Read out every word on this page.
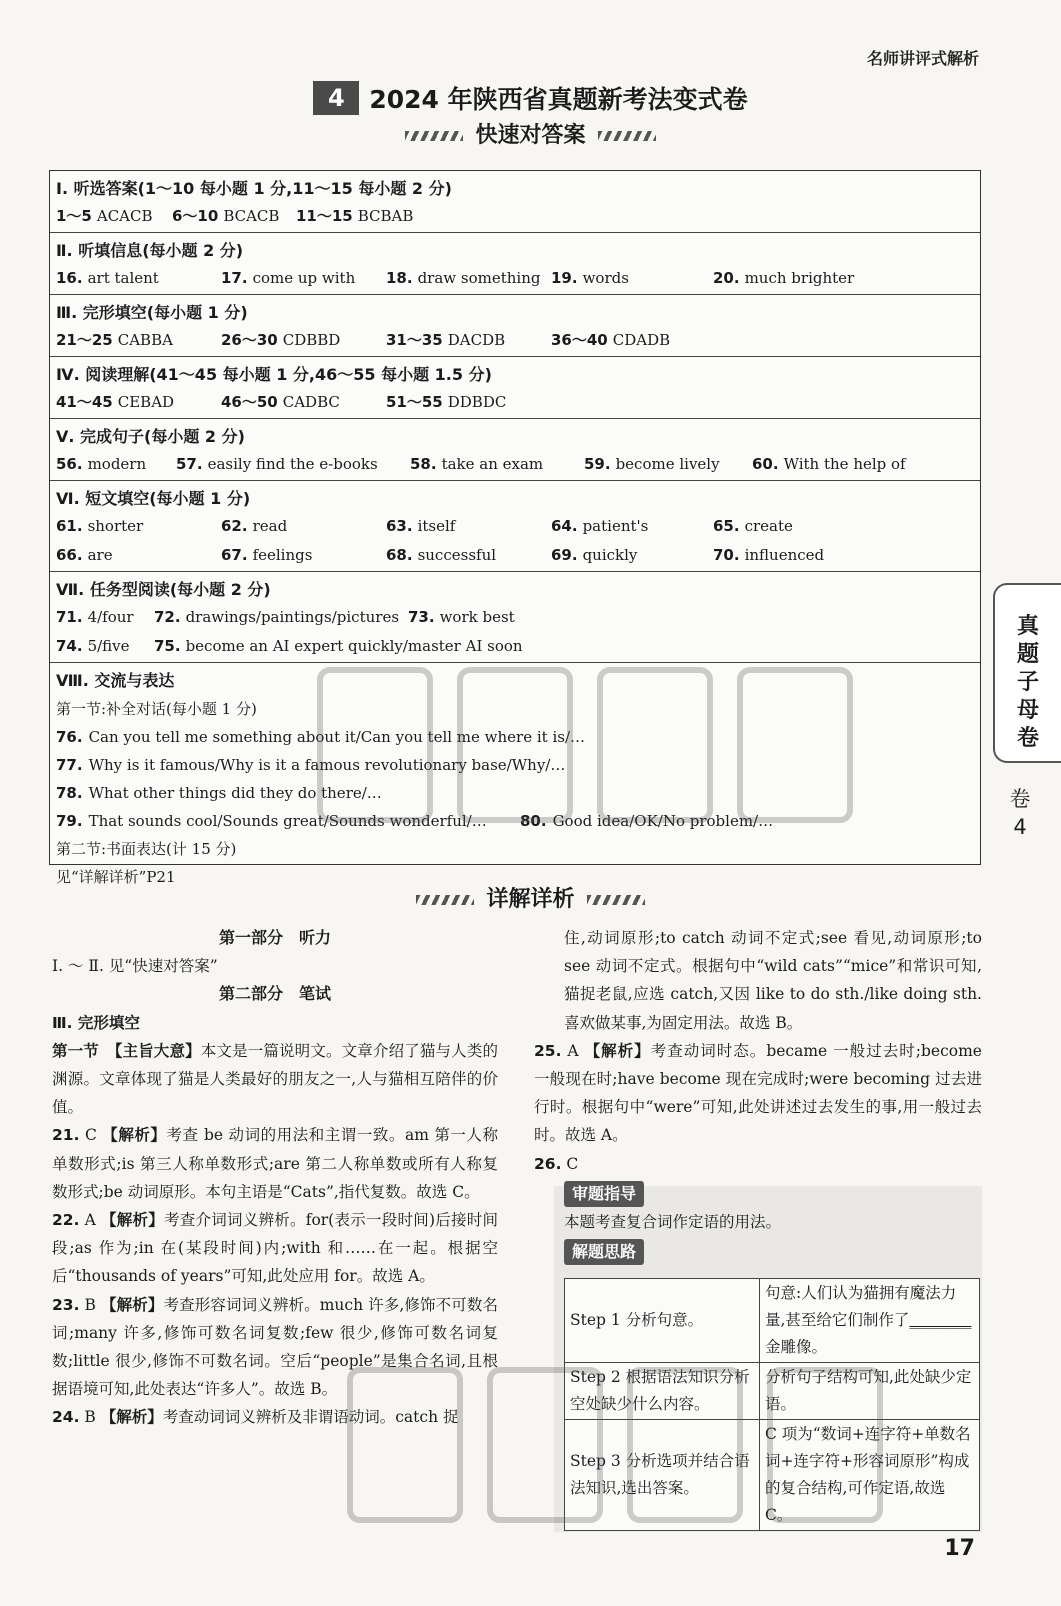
名师讲评式解析
4 2024 年陕西省真题新考法变式卷
快速对答案
Ⅰ. 听选答案(1～10 每小题 1 分,11～15 每小题 2 分)
1～5 ACACB	6～10 BCACB	11～15 BCBAB
Ⅱ. 听填信息(每小题 2 分)
16. art talent	17. come up with	18. draw something 19. words	20. much brighter
Ⅲ. 完形填空(每小题 1 分)
21～25 CABBA	26～30 CDBBD	31～35 DACDB	36～40 CDADB
Ⅳ. 阅读理解(41～45 每小题 1 分,46～55 每小题 1.5 分)
41～45 CEBAD	46～50 CADBC	51～55 DDBDC
Ⅴ. 完成句子(每小题 2 分)
56. modern	57. easily find the e-books	58. take an exam	59. become lively	60. With the help of
Ⅵ. 短文填空(每小题 1 分)
61. shorter	62. read	63. itself	64. patient's	65. create
66. are	67. feelings	68. successful	69. quickly	70. influenced
Ⅶ. 任务型阅读(每小题 2 分)
71. 4/four	72. drawings/paintings/pictures 73. work best
74. 5/five	75. become an AI expert quickly/master AI soon
Ⅷ. 交流与表达
第一节:补全对话(每小题 1 分)
76. Can you tell me something about it/Can you tell me where it is/…
77. Why is it famous/Why is it a famous revolutionary base/Why/…
78. What other things did they do there/…
79. That sounds cool/Sounds great/Sounds wonderful/… 80. Good idea/OK/No problem/…
第二节:书面表达(计 15 分)
见“详解详析”P21
真题子母卷
卷4
详解详析
第一部分　听力
Ⅰ. ～ Ⅱ. 见“快速对答案”
第二部分　笔试
Ⅲ. 完形填空
第一节　【主旨大意】本文是一篇说明文。文章介绍了猫与人类的渊源。文章体现了猫是人类最好的朋友之一,人与猫相互陪伴的价值。
21. C 【解析】考查 be 动词的用法和主谓一致。am 第一人称单数形式;is 第三人称单数形式;are 第二人称单数或所有人称复数形式;be 动词原形。本句主语是“Cats”,指代复数。故选 C。
22. A 【解析】考查介词词义辨析。for(表示一段时间)后接时间段;as 作为;in 在(某段时间)内;with 和……在一起。根据空后“thousands of years”可知,此处应用 for。故选 A。
23. B 【解析】考查形容词词义辨析。much 许多,修饰不可数名词;many 许多,修饰可数名词复数;few 很少,修饰可数名词复数;little 很少,修饰不可数名词。空后“people”是集合名词,且根据语境可知,此处表达“许多人”。故选 B。
24. B 【解析】考查动词词义辨析及非谓语动词。catch 捉
住,动词原形;to catch 动词不定式;see 看见,动词原形;to see 动词不定式。根据句中“wild cats”“mice”和常识可知,猫捉老鼠,应选 catch,又因 like to do sth./like doing sth. 喜欢做某事,为固定用法。故选 B。
25. A 【解析】考查动词时态。became 一般过去时;become 一般现在时;have become 现在完成时;were becoming 过去进行时。根据句中“were”可知,此处讲述过去发生的事,用一般过去时。故选 A。
26. C
审题指导
本题考查复合词作定语的用法。
解题思路
Step 1 分析句意。	句意:人们认为猫拥有魔法力量,甚至给它们制作了________金雕像。
Step 2 根据语法知识分析空处缺少什么内容。	分析句子结构可知,此处缺少定语。
Step 3 分析选项并结合语法知识,选出答案。	C 项为“数词+连字符+单数名词+连字符+形容词原形”构成的复合结构,可作定语,故选 C。
17
